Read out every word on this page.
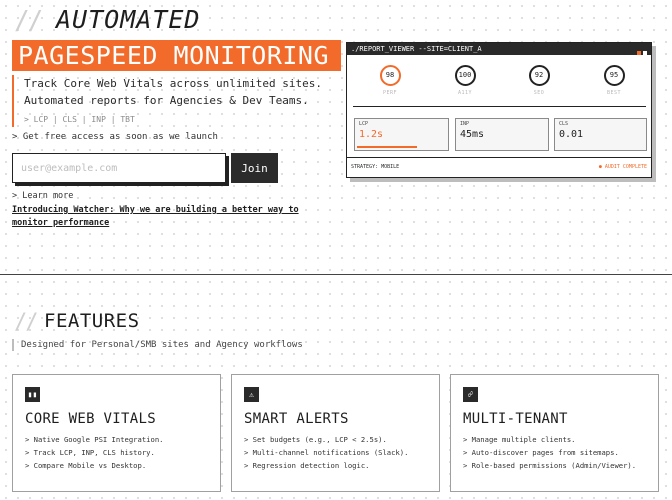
// AUTOMATED
PAGESPEED MONITORING
Track Core Web Vitals across unlimited sites.
Automated reports for Agencies & Dev Teams.
> LCP | CLS | INP | TBT
> Get free access as soon as we launch
user@example.com
Join
> Learn more
Introducing Watcher: Why we are building a better way to monitor performance
./REPORT_VIEWER --SITE=CLIENT_A
98
PERF
100
A11Y
92
SEO
95
BEST
LCP
1.2s
INP
45ms
CLS
0.01
STRATEGY: MOBILE	● AUDIT COMPLETE
// FEATURES
Designed for Personal/SMB sites and Agency workflows
▮▮
CORE WEB VITALS
> Native Google PSI Integration.
> Track LCP, INP, CLS history.
> Compare Mobile vs Desktop.
⚠
SMART ALERTS
> Set budgets (e.g., LCP < 2.5s).
> Multi-channel notifications (Slack).
> Regression detection logic.
☍
MULTI-TENANT
> Manage multiple clients.
> Auto-discover pages from sitemaps.
> Role-based permissions (Admin/Viewer).
